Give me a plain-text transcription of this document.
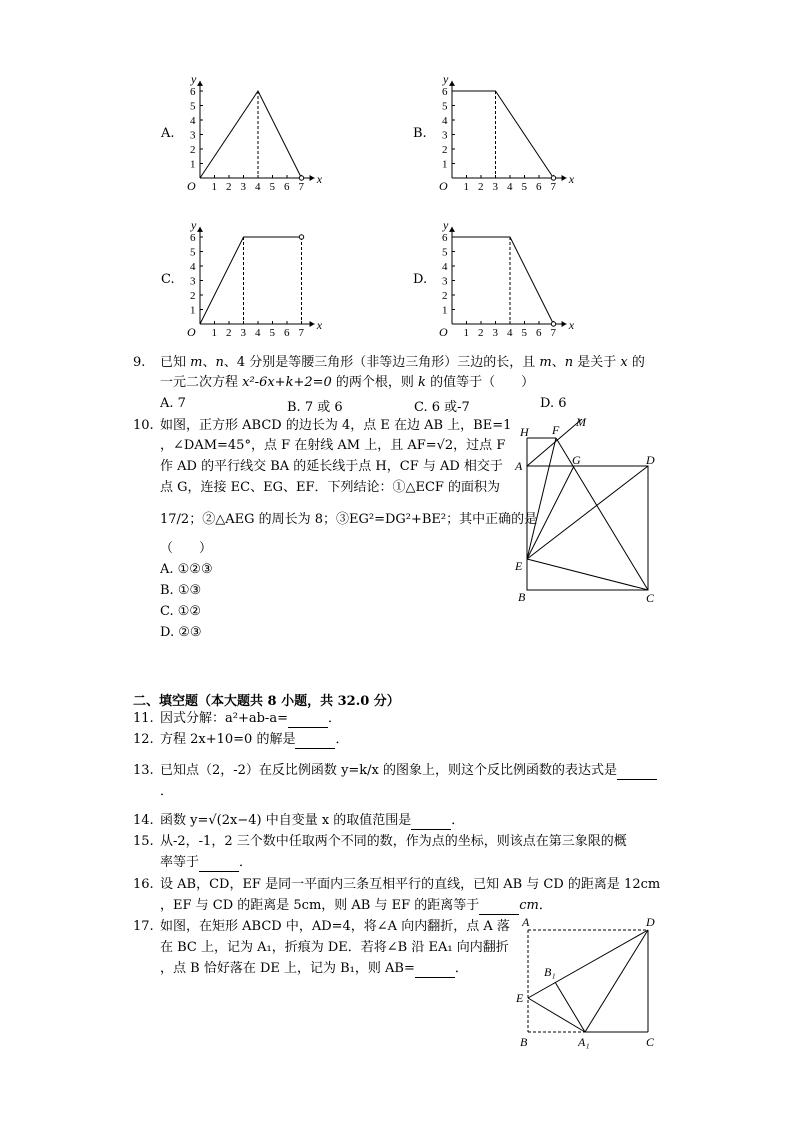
A.
1 2 3 4 5 6 7
1
2
3
4
5
6
O	x
y
B.
1 2 3 4 5 6 7
1
2
3
4
5
6
O	x
y
C.
1 2 3 4 5 6 7
1
2
3
4
5
6
O	x
y
D.
1 2 3 4 5 6 7
1
2
3
4
5
6
O	x
y
9. 已知 m、n、4 分别是等腰三角形（非等边三角形）三边的长，且 m、n 是关于 x 的
一元二次方程 x²-6x+k+2=0 的两个根，则 k 的值等于（　　）
A. 7	B. 7 或 6	C. 6 或-7	D. 6
10. 如图，正方形 ABCD 的边长为 4，点 E 在边 AB 上，BE=1
，∠DAM=45°，点 F 在射线 AM 上，且 AF=√2，过点 F
作 AD 的平行线交 BA 的延长线于点 H，CF 与 AD 相交于
点 G，连接 EC、EG、EF．下列结论：①△ECF 的面积为
17/2；②△AEG 的周长为 8；③EG²=DG²+BE²；其中正确的是
（　　）
A. ①②③
B. ①③
C. ①②
D. ②③
H F
M
A	G	D
E
B	C
二、填空题（本大题共 8 小题，共 32.0 分）
11. 因式分解：a²+ab-a=	．
12. 方程 2x+10=0 的解是	．
13. 已知点（2，-2）在反比例函数 y=k/x 的图象上，则这个反比例函数的表达式是
．
14. 函数 y=√(2x−4) 中自变量 x 的取值范围是	．
15. 从-2，-1，2 三个数中任取两个不同的数，作为点的坐标，则该点在第三象限的概
率等于	．
16. 设 AB，CD，EF 是同一平面内三条互相平行的直线，已知 AB 与 CD 的距离是 12cm
，EF 与 CD 的距离是 5cm，则 AB 与 EF 的距离等于	cm．
17. 如图，在矩形 ABCD 中，AD=4，将∠A 向内翻折，点 A 落
在 BC 上，记为 A₁，折痕为 DE．若将∠B 沿 EA₁ 向内翻折
，点 B 恰好落在 DE 上，记为 B₁，则 AB=	．
A	D
B₁
E
B	A₁	C
